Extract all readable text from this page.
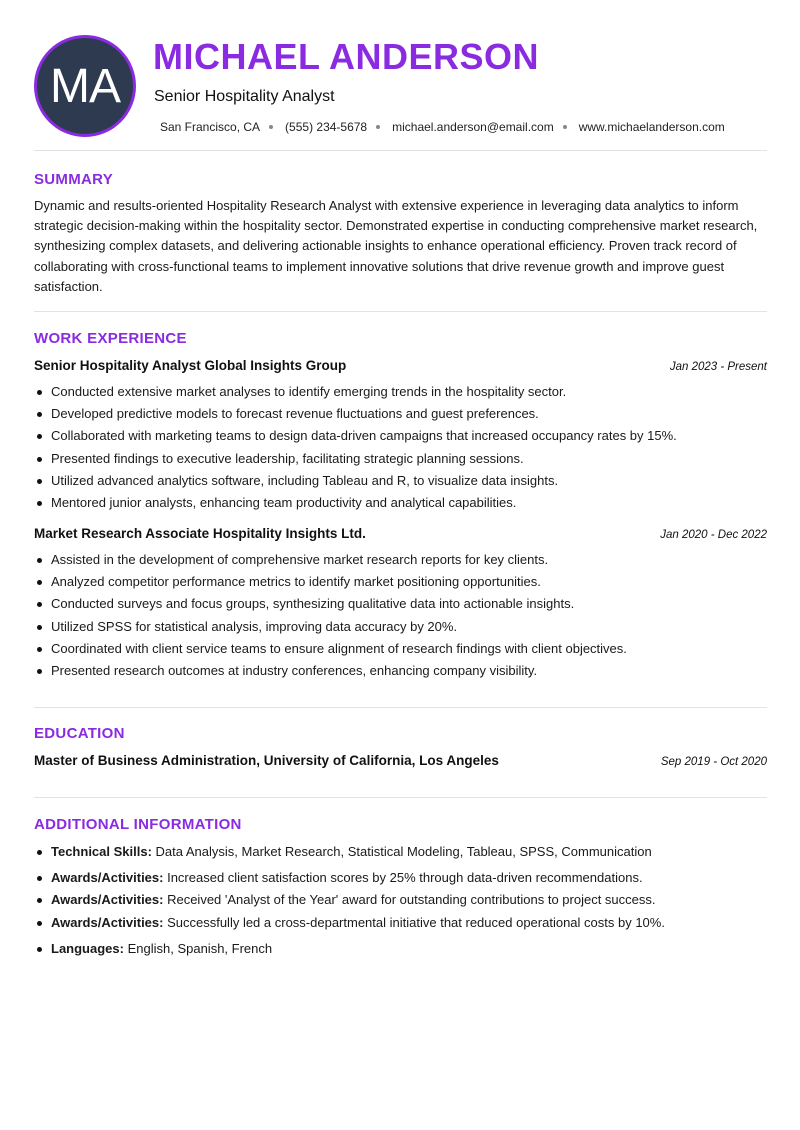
MA
MICHAEL ANDERSON
Senior Hospitality Analyst
San Francisco, CA (555) 234-5678 michael.anderson@email.com www.michaelanderson.com
SUMMARY

Dynamic and results-oriented Hospitality Research Analyst with extensive experience in leveraging data analytics to inform strategic decision-making within the hospitality sector. Demonstrated expertise in conducting comprehensive market research, synthesizing complex datasets, and delivering actionable insights to enhance operational efficiency. Proven track record of collaborating with cross-functional teams to implement innovative solutions that drive revenue growth and improve guest satisfaction.

WORK EXPERIENCE
Senior Hospitality Analyst Global Insights Group	Jan 2023 - Present
Conducted extensive market analyses to identify emerging trends in the hospitality sector.
Developed predictive models to forecast revenue fluctuations and guest preferences.
Collaborated with marketing teams to design data-driven campaigns that increased occupancy rates by 15%.
Presented findings to executive leadership, facilitating strategic planning sessions.
Utilized advanced analytics software, including Tableau and R, to visualize data insights.
Mentored junior analysts, enhancing team productivity and analytical capabilities.
Market Research Associate Hospitality Insights Ltd.	Jan 2020 - Dec 2022
Assisted in the development of comprehensive market research reports for key clients.
Analyzed competitor performance metrics to identify market positioning opportunities.
Conducted surveys and focus groups, synthesizing qualitative data into actionable insights.
Utilized SPSS for statistical analysis, improving data accuracy by 20%.
Coordinated with client service teams to ensure alignment of research findings with client objectives.
Presented research outcomes at industry conferences, enhancing company visibility.
EDUCATION
Master of Business Administration, University of California, Los Angeles	Sep 2019 - Oct 2020
ADDITIONAL INFORMATION
Technical Skills: Data Analysis, Market Research, Statistical Modeling, Tableau, SPSS, Communication
Awards/Activities: Increased client satisfaction scores by 25% through data-driven recommendations.
Awards/Activities: Received 'Analyst of the Year' award for outstanding contributions to project success.
Awards/Activities: Successfully led a cross-departmental initiative that reduced operational costs by 10%.
Languages: English, Spanish, French
